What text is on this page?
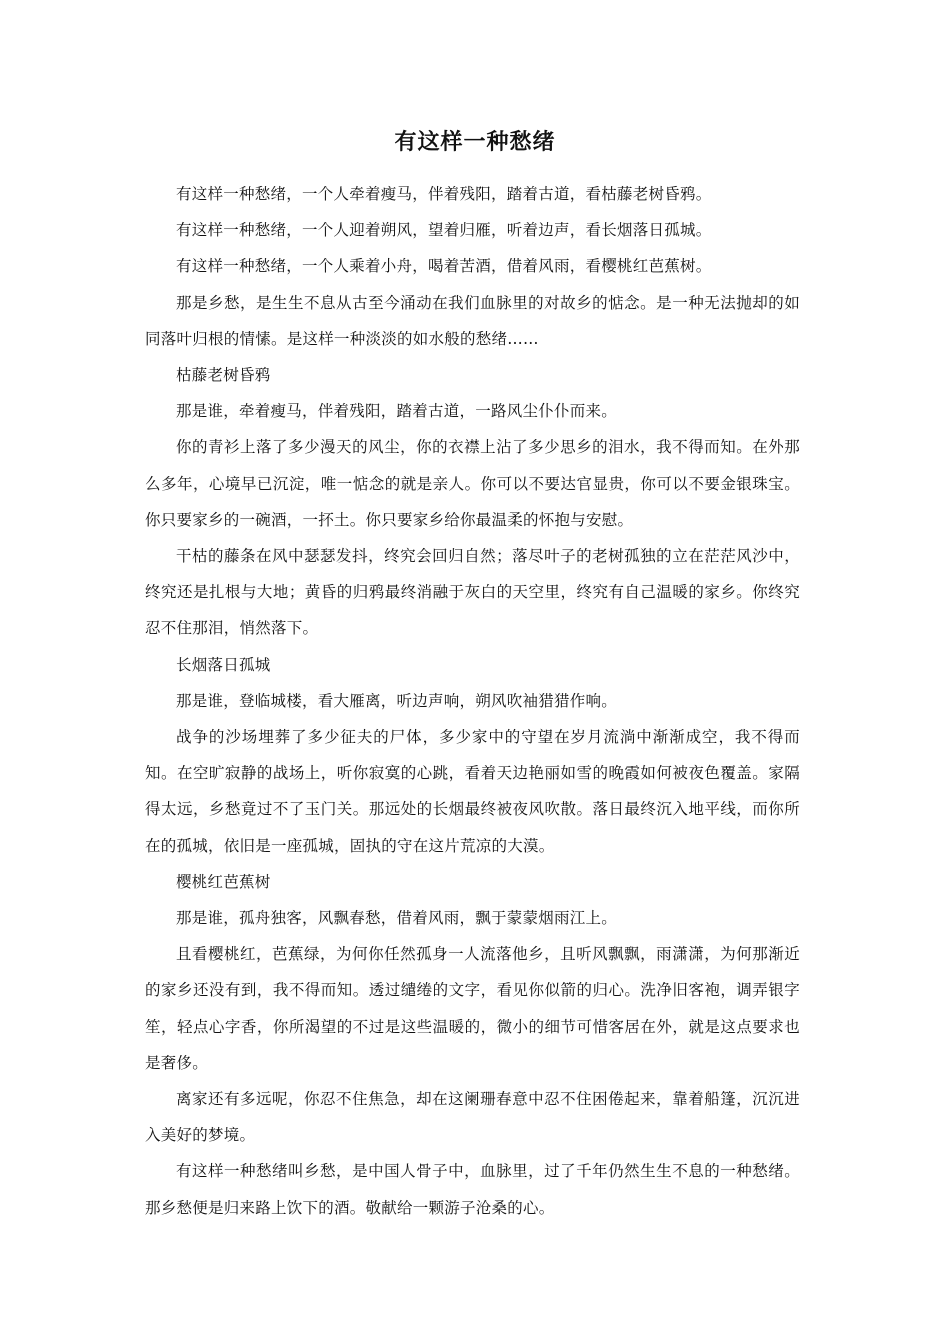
有这样一种愁绪

有这样一种愁绪，一个人牵着瘦马，伴着残阳，踏着古道，看枯藤老树昏鸦。

有这样一种愁绪，一个人迎着朔风，望着归雁，听着边声，看长烟落日孤城。

有这样一种愁绪，一个人乘着小舟，喝着苦酒，借着风雨，看樱桃红芭蕉树。

那是乡愁，是生生不息从古至今涌动在我们血脉里的对故乡的惦念。是一种无法抛却的如同落叶归根的情愫。是这样一种淡淡的如水般的愁绪……

枯藤老树昏鸦

那是谁，牵着瘦马，伴着残阳，踏着古道，一路风尘仆仆而来。

你的青衫上落了多少漫天的风尘，你的衣襟上沾了多少思乡的泪水，我不得而知。在外那么多年，心境早已沉淀，唯一惦念的就是亲人。你可以不要达官显贵，你可以不要金银珠宝。你只要家乡的一碗酒，一抔土。你只要家乡给你最温柔的怀抱与安慰。

干枯的藤条在风中瑟瑟发抖，终究会回归自然；落尽叶子的老树孤独的立在茫茫风沙中，终究还是扎根与大地；黄昏的归鸦最终消融于灰白的天空里，终究有自己温暖的家乡。你终究忍不住那泪，悄然落下。

长烟落日孤城

那是谁，登临城楼，看大雁离，听边声响，朔风吹袖猎猎作响。

战争的沙场埋葬了多少征夫的尸体，多少家中的守望在岁月流淌中渐渐成空，我不得而知。在空旷寂静的战场上，听你寂寞的心跳，看着天边艳丽如雪的晚霞如何被夜色覆盖。家隔得太远，乡愁竟过不了玉门关。那远处的长烟最终被夜风吹散。落日最终沉入地平线，而你所在的孤城，依旧是一座孤城，固执的守在这片荒凉的大漠。

樱桃红芭蕉树

那是谁，孤舟独客，风飘春愁，借着风雨，飘于蒙蒙烟雨江上。

且看樱桃红，芭蕉绿，为何你任然孤身一人流落他乡，且听风飘飘，雨潇潇，为何那渐近的家乡还没有到，我不得而知。透过缱绻的文字，看见你似箭的归心。洗净旧客袍，调弄银字笙，轻点心字香，你所渴望的不过是这些温暖的，微小的细节可惜客居在外，就是这点要求也是奢侈。

离家还有多远呢，你忍不住焦急，却在这阑珊春意中忍不住困倦起来，靠着船篷，沉沉进入美好的梦境。

有这样一种愁绪叫乡愁，是中国人骨子中，血脉里，过了千年仍然生生不息的一种愁绪。那乡愁便是归来路上饮下的酒。敬献给一颗游子沧桑的心。
